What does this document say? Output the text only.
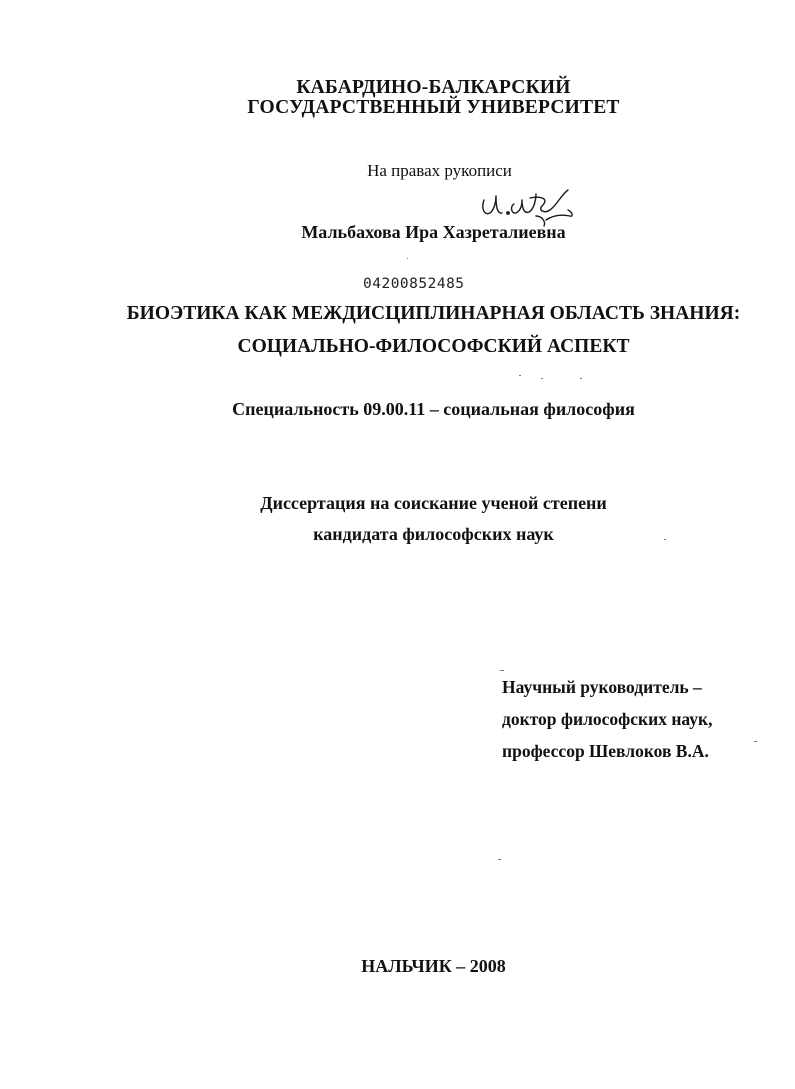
КАБАРДИНО-БАЛКАРСКИЙ
ГОСУДАРСТВЕННЫЙ УНИВЕРСИТЕТ
На правах рукописи
Мальбахова Ира Хазреталиевна
04200852485
БИОЭТИКА КАК МЕЖДИСЦИПЛИНАРНАЯ ОБЛАСТЬ ЗНАНИЯ:
СОЦИАЛЬНО-ФИЛОСОФСКИЙ АСПЕКТ
Специальность 09.00.11 – социальная философия
Диссертация на соискание ученой степени
кандидата философских наук
Научный руководитель –
доктор философских наук,
профессор Шевлоков В.А.
НАЛЬЧИК – 2008
